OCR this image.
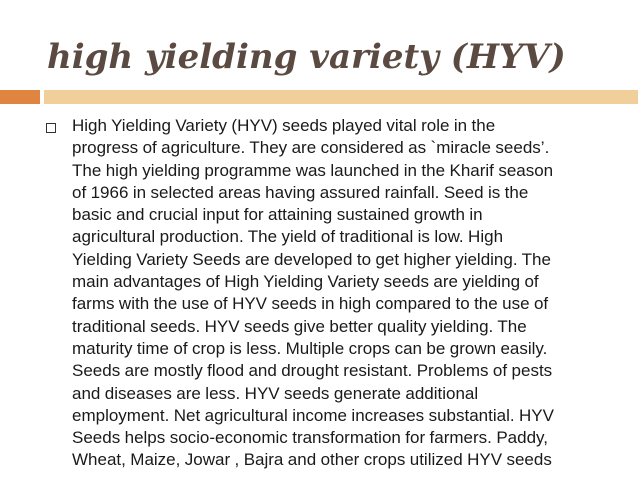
high yielding variety (HYV)

High Yielding Variety (HYV) seeds played vital role in the
progress of agriculture. They are considered as `miracle seeds’.
The high yielding programme was launched in the Kharif season
of 1966 in selected areas having assured rainfall. Seed is the
basic and crucial input for attaining sustained growth in
agricultural production. The yield of traditional is low. High
Yielding Variety Seeds are developed to get higher yielding. The
main advantages of High Yielding Variety seeds are yielding of
farms with the use of HYV seeds in high compared to the use of
traditional seeds. HYV seeds give better quality yielding. The
maturity time of crop is less. Multiple crops can be grown easily.
Seeds are mostly flood and drought resistant. Problems of pests
and diseases are less. HYV seeds generate additional
employment. Net agricultural income increases substantial. HYV
Seeds helps socio-economic transformation for farmers. Paddy,
Wheat, Maize, Jowar , Bajra and other crops utilized HYV seeds
